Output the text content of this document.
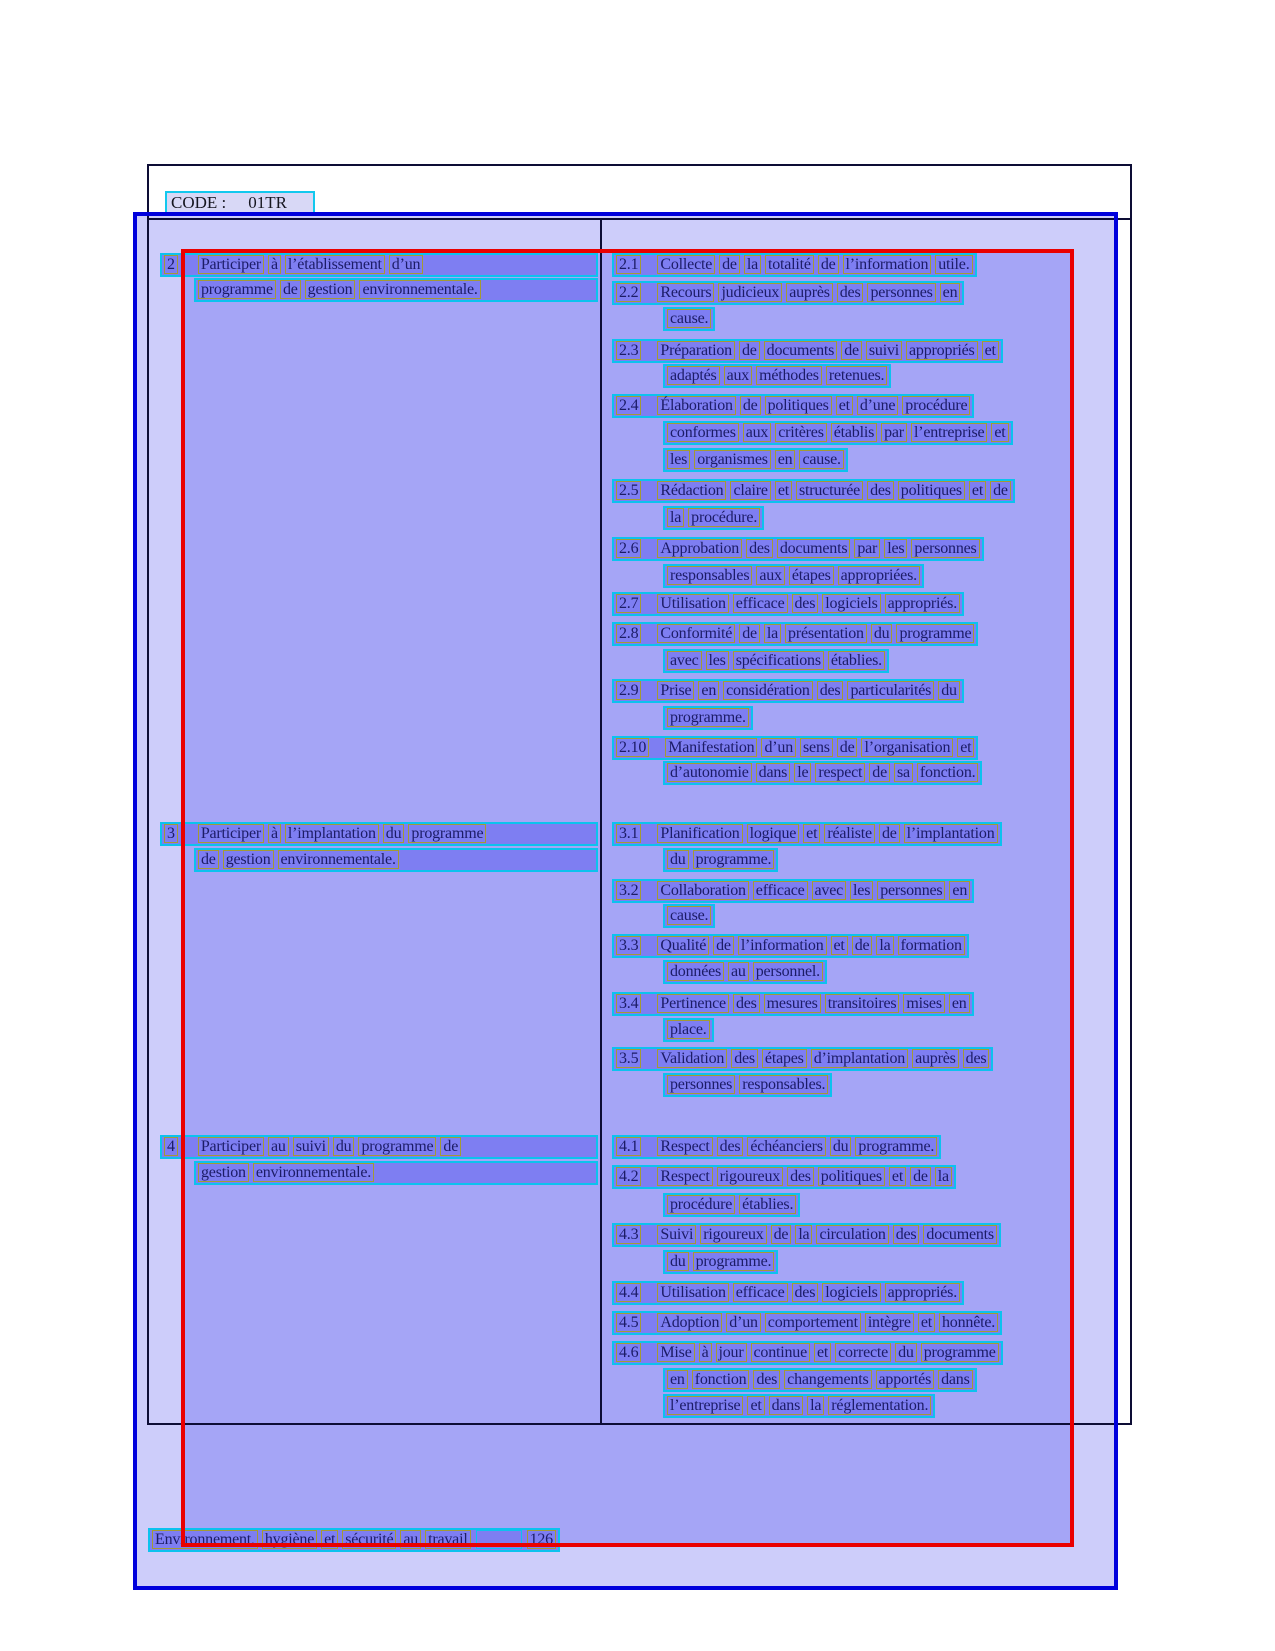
CODE : 01TR
2 Participer à l’établissement d’un
programme de gestion environnementale.
2.1 Collecte de la totalité de l’information utile.
2.2 Recours judicieux auprès des personnes en
cause.
2.3 Préparation de documents de suivi appropriés et
adaptés aux méthodes retenues.
2.4 Élaboration de politiques et d’une procédure
conformes aux critères établis par l’entreprise et
les organismes en cause.
2.5 Rédaction claire et structurée des politiques et de
la procédure.
2.6 Approbation des documents par les personnes
responsables aux étapes appropriées.
2.7 Utilisation efficace des logiciels appropriés.
2.8 Conformité de la présentation du programme
avec les spécifications établies.
2.9 Prise en considération des particularités du
programme.
2.10 Manifestation d’un sens de l’organisation et
d’autonomie dans le respect de sa fonction.
3 Participer à l’implantation du programme
de gestion environnementale.
3.1 Planification logique et réaliste de l’implantation
du programme.
3.2 Collaboration efficace avec les personnes en
cause.
3.3 Qualité de l’information et de la formation
données au personnel.
3.4 Pertinence des mesures transitoires mises en
place.
3.5 Validation des étapes d’implantation auprès des
personnes responsables.
4 Participer au suivi du programme de
gestion environnementale.
4.1 Respect des échéanciers du programme.
4.2 Respect rigoureux des politiques et de la
procédure établies.
4.3 Suivi rigoureux de la circulation des documents
du programme.
4.4 Utilisation efficace des logiciels appropriés.
4.5 Adoption d’un comportement intègre et honnête.
4.6 Mise à jour continue et correcte du programme
en fonction des changements apportés dans
l’entreprise et dans la réglementation.
Environnement, hygiène et sécurité au travail	126
